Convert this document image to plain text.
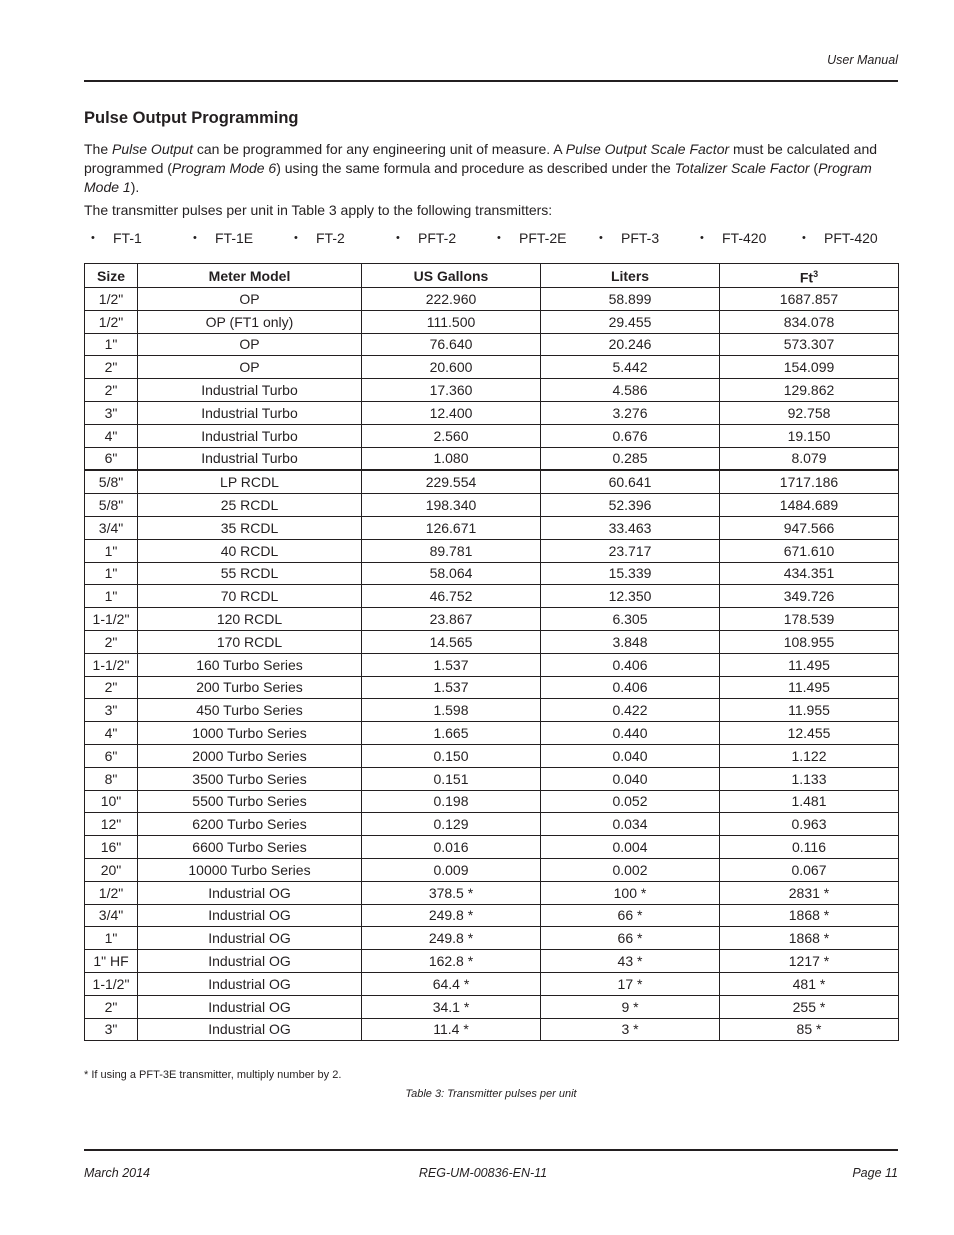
User Manual
Pulse Output Programming

The Pulse Output can be programmed for any engineering unit of measure. A Pulse Output Scale Factor must be calculated and programmed (Program Mode 6) using the same formula and procedure as described under the Totalizer Scale Factor (Program Mode 1).

The transmitter pulses per unit in Table 3 apply to the following transmitters:

• FT-1	• FT-1E	• FT-2	• PFT-2	• PFT-2E	• PFT-3	• FT-420	• PFT-420
Size	Meter Model	US Gallons	Liters	Ft$^3$
1/2"	OP	222.960	58.899	1687.857
1/2"	OP (FT1 only)	111.500	29.455	834.078
1"	OP	76.640	20.246	573.307
2"	OP	20.600	5.442	154.099
2"	Industrial Turbo	17.360	4.586	129.862
3"	Industrial Turbo	12.400	3.276	92.758
4"	Industrial Turbo	2.560	0.676	19.150
6"	Industrial Turbo	1.080	0.285	8.079
5/8"	LP RCDL	229.554	60.641	1717.186
5/8"	25 RCDL	198.340	52.396	1484.689
3/4"	35 RCDL	126.671	33.463	947.566
1"	40 RCDL	89.781	23.717	671.610
1"	55 RCDL	58.064	15.339	434.351
1"	70 RCDL	46.752	12.350	349.726
1-1/2"	120 RCDL	23.867	6.305	178.539
2"	170 RCDL	14.565	3.848	108.955
1-1/2"	160 Turbo Series	1.537	0.406	11.495
2"	200 Turbo Series	1.537	0.406	11.495
3"	450 Turbo Series	1.598	0.422	11.955
4"	1000 Turbo Series	1.665	0.440	12.455
6"	2000 Turbo Series	0.150	0.040	1.122
8"	3500 Turbo Series	0.151	0.040	1.133
10"	5500 Turbo Series	0.198	0.052	1.481
12"	6200 Turbo Series	0.129	0.034	0.963
16"	6600 Turbo Series	0.016	0.004	0.116
20"	10000 Turbo Series	0.009	0.002	0.067
1/2"	Industrial OG	378.5 *	100 *	2831 *
3/4"	Industrial OG	249.8 *	66 *	1868 *
1"	Industrial OG	249.8 *	66 *	1868 *
1" HF	Industrial OG	162.8 *	43 *	1217 *
1-1/2"	Industrial OG	64.4 *	17 *	481 *
2"	Industrial OG	34.1 *	9 *	255 *
3"	Industrial OG	11.4 *	3 *	85 *

* If using a PFT-3E transmitter, multiply number by 2.

Table 3: Transmitter pulses per unit

March 2014	REG-UM-00836-EN-11	Page 11
